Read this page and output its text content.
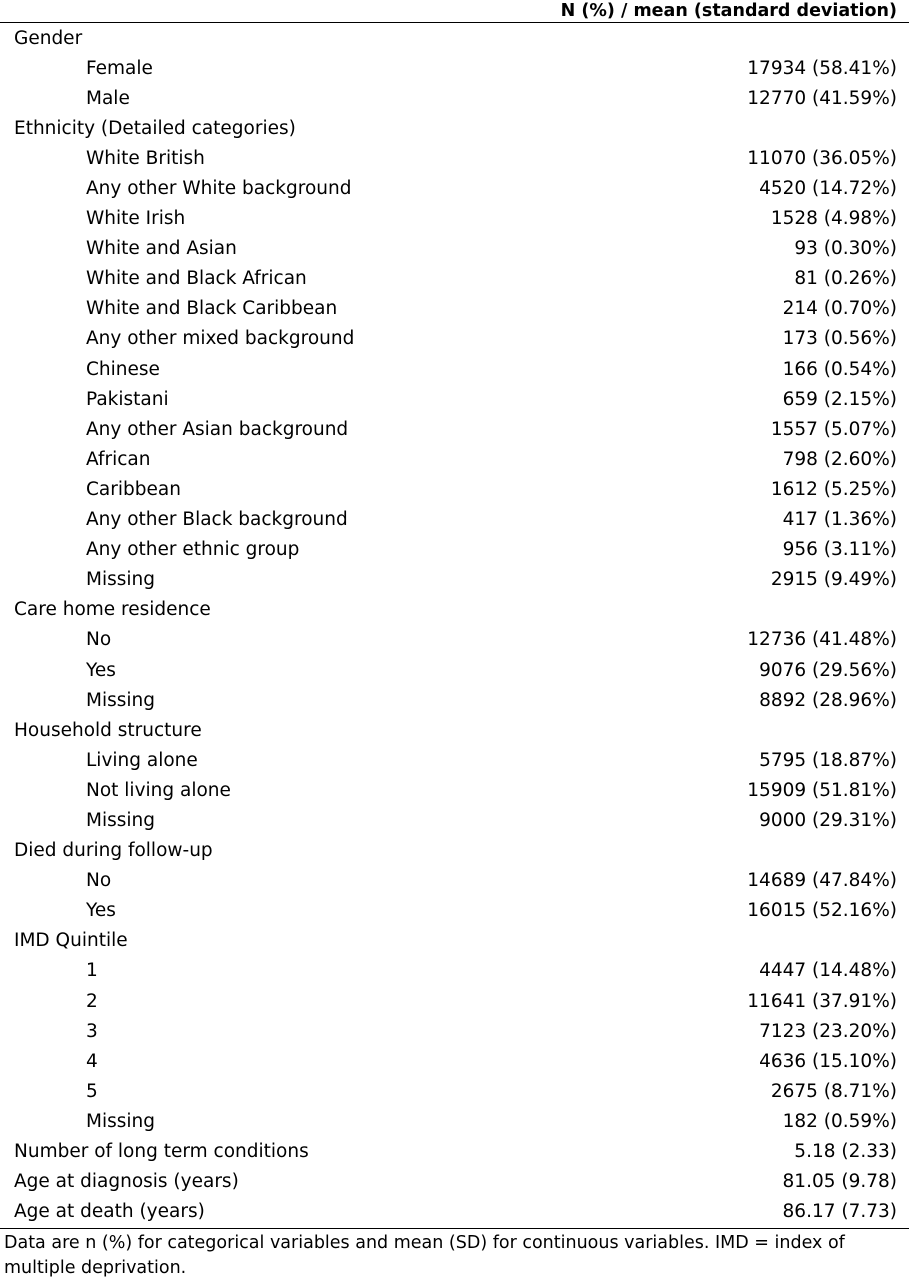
N (%) / mean (standard deviation)
Gender
Female	17934 (58.41%)
Male	12770 (41.59%)
Ethnicity (Detailed categories)
White British	11070 (36.05%)
Any other White background	4520 (14.72%)
White Irish	1528 (4.98%)
White and Asian	93 (0.30%)
White and Black African	81 (0.26%)
White and Black Caribbean	214 (0.70%)
Any other mixed background	173 (0.56%)
Chinese	166 (0.54%)
Pakistani	659 (2.15%)
Any other Asian background	1557 (5.07%)
African	798 (2.60%)
Caribbean	1612 (5.25%)
Any other Black background	417 (1.36%)
Any other ethnic group	956 (3.11%)
Missing	2915 (9.49%)
Care home residence
No	12736 (41.48%)
Yes	9076 (29.56%)
Missing	8892 (28.96%)
Household structure
Living alone	5795 (18.87%)
Not living alone	15909 (51.81%)
Missing	9000 (29.31%)
Died during follow-up
No	14689 (47.84%)
Yes	16015 (52.16%)
IMD Quintile
1	4447 (14.48%)
2	11641 (37.91%)
3	7123 (23.20%)
4	4636 (15.10%)
5	2675 (8.71%)
Missing	182 (0.59%)
Number of long term conditions	5.18 (2.33)
Age at diagnosis (years)	81.05 (9.78)
Age at death (years)	86.17 (7.73)
Data are n (%) for categorical variables and mean (SD) for continuous variables. IMD = index of multiple deprivation.
